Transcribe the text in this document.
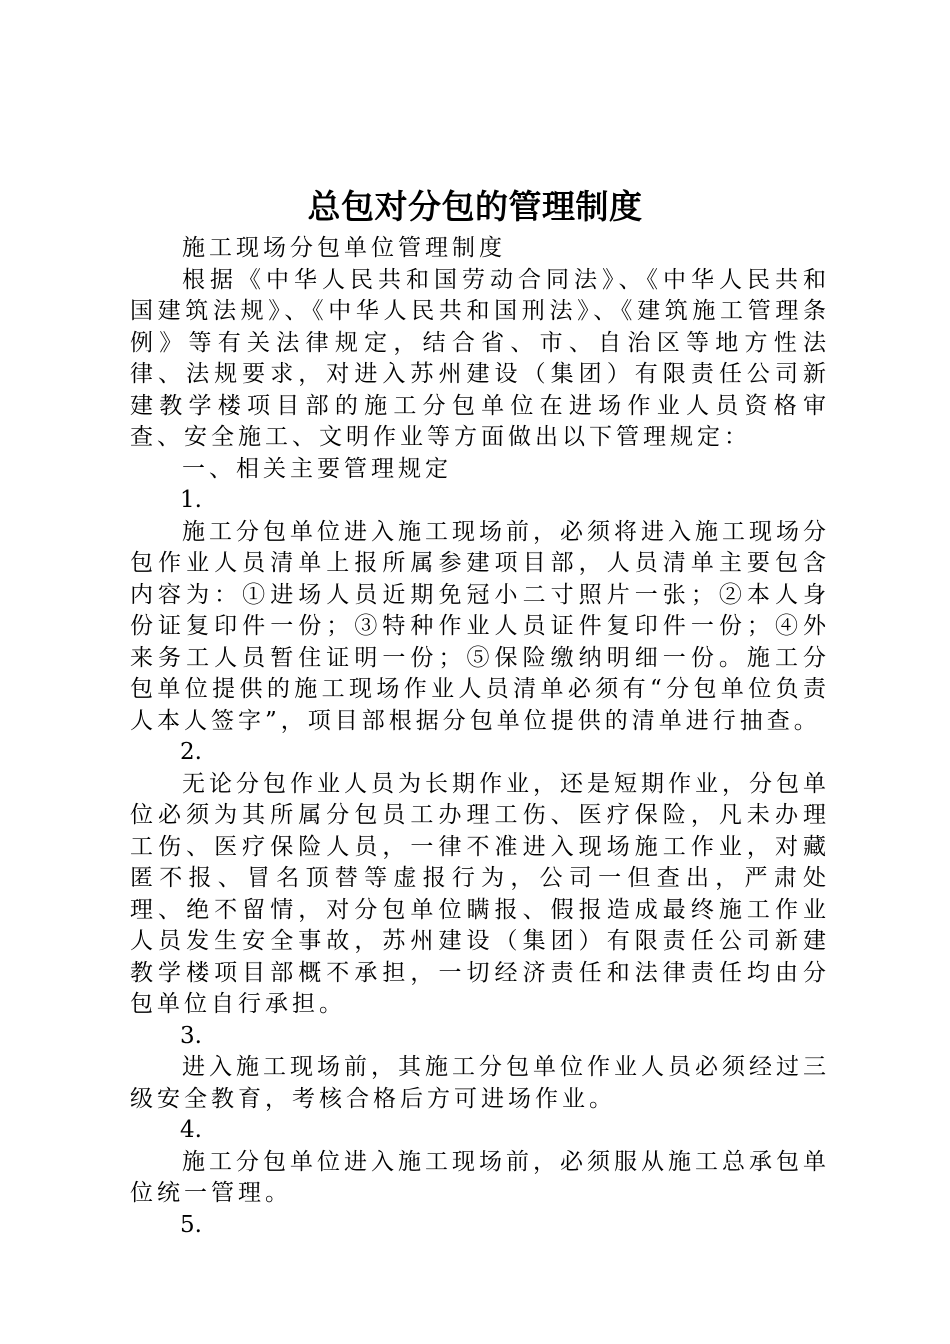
总包对分包的管理制度

施工现场分包单位管理制度

根据《中华人民共和国劳动合同法》、《中华人民共和国建筑法规》、《中华人民共和国刑法》、《建筑施工管理条例》等有关法律规定，结合省、市、自治区等地方性法律、法规要求，对进入苏州建设（集团）有限责任公司新建教学楼项目部的施工分包单位在进场作业人员资格审查、安全施工、文明作业等方面做出以下管理规定：

一、相关主要管理规定

1.

施工分包单位进入施工现场前，必须将进入施工现场分包作业人员清单上报所属参建项目部，人员清单主要包含内容为：①进场人员近期免冠小二寸照片一张；②本人身份证复印件一份；③特种作业人员证件复印件一份；④外来务工人员暂住证明一份；⑤保险缴纳明细一份。施工分包单位提供的施工现场作业人员清单必须有“分包单位负责人本人签字”，项目部根据分包单位提供的清单进行抽查。

2.

无论分包作业人员为长期作业，还是短期作业，分包单位必须为其所属分包员工办理工伤、医疗保险，凡未办理工伤、医疗保险人员，一律不准进入现场施工作业，对藏匿不报、冒名顶替等虚报行为，公司一但查出，严肃处理、绝不留情，对分包单位瞒报、假报造成最终施工作业人员发生安全事故，苏州建设（集团）有限责任公司新建教学楼项目部概不承担，一切经济责任和法律责任均由分包单位自行承担。

3.

进入施工现场前，其施工分包单位作业人员必须经过三级安全教育，考核合格后方可进场作业。

4.

施工分包单位进入施工现场前，必须服从施工总承包单位统一管理。

5.
